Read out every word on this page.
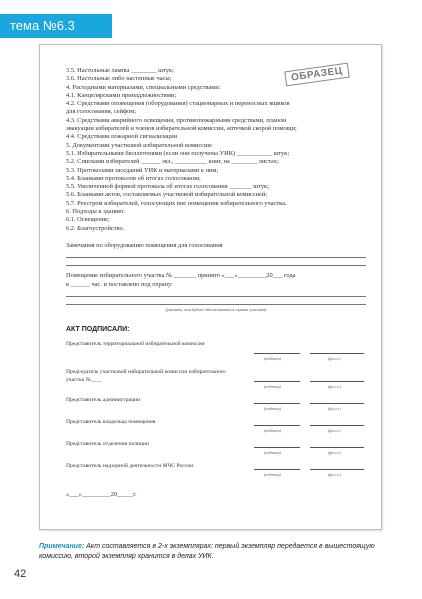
тема №6.3
ОБРАЗЕЦ
3.5. Настольные лампы ________ штук;
3.6. Настольные либо настенные часы;
4. Расходными материалами, специальными средствами:
4.1. Канцелярскими принадлежностями;
4.2. Средствами оповещения (оборудования) стационарных и переносных ящиков
для голосования, сейфом;
4.3. Средствами аварийного освещения, противопожарными средствами, планом
эвакуации избирателей и членов избирательной комиссии, аптечкой скорой помощи;
4.4. Средствами пожарной сигнализации
5. Документами участковой избирательной комиссии:
5.1. Избирательными бюллетенями (если они получены УИК) ___________ штук;
5.2. Списками избирателей ______ экз., __________ книг, на ________ листах;
5.3. Протоколами заседаний УИК и материалами к ним;
5.4. Бланками протоколов об итогах голосования;
5.5. Увеличенной формой протокола об итогах голосования _______ штук;
5.6. Бланками актов, составляемых участковой избирательной комиссией;
5.7. Реестром избирателей, голосующих вне помещения избирательного участка.
6. Подходы к зданию:
6.1. Освещение;
6.2. Благоустройство.
Замечания по оборудованию помещения для голосования
Помещение избирательного участка № _______ принято «___»_________20___ года
в ______ час. и поставлено под охрану:
(указать, кем будет обеспечиваться охрана участка)
АКТ ПОДПИСАЛИ:
Представитель территориальной избирательной комиссии
(подпись)	(ф.и.о.)
Председатель участковой избирательной комиссии избирательного участка №____
(подпись)	(ф.и.о.)
Представитель администрации
(подпись)	(ф.и.о.)
Представитель владельца помещения
(подпись)	(ф.и.о.)
Представитель отделения полиции
(подпись)	(ф.и.о.)
Представитель надзорной деятельности МЧС России
(подпись)	(ф.и.о.)
«___»_________20_____г.
Примечание: Акт составляется в 2-х экземплярах: первый экземпляр передается в вышестоящую комиссию, второй экземпляр хранится в делах УИК.
42
